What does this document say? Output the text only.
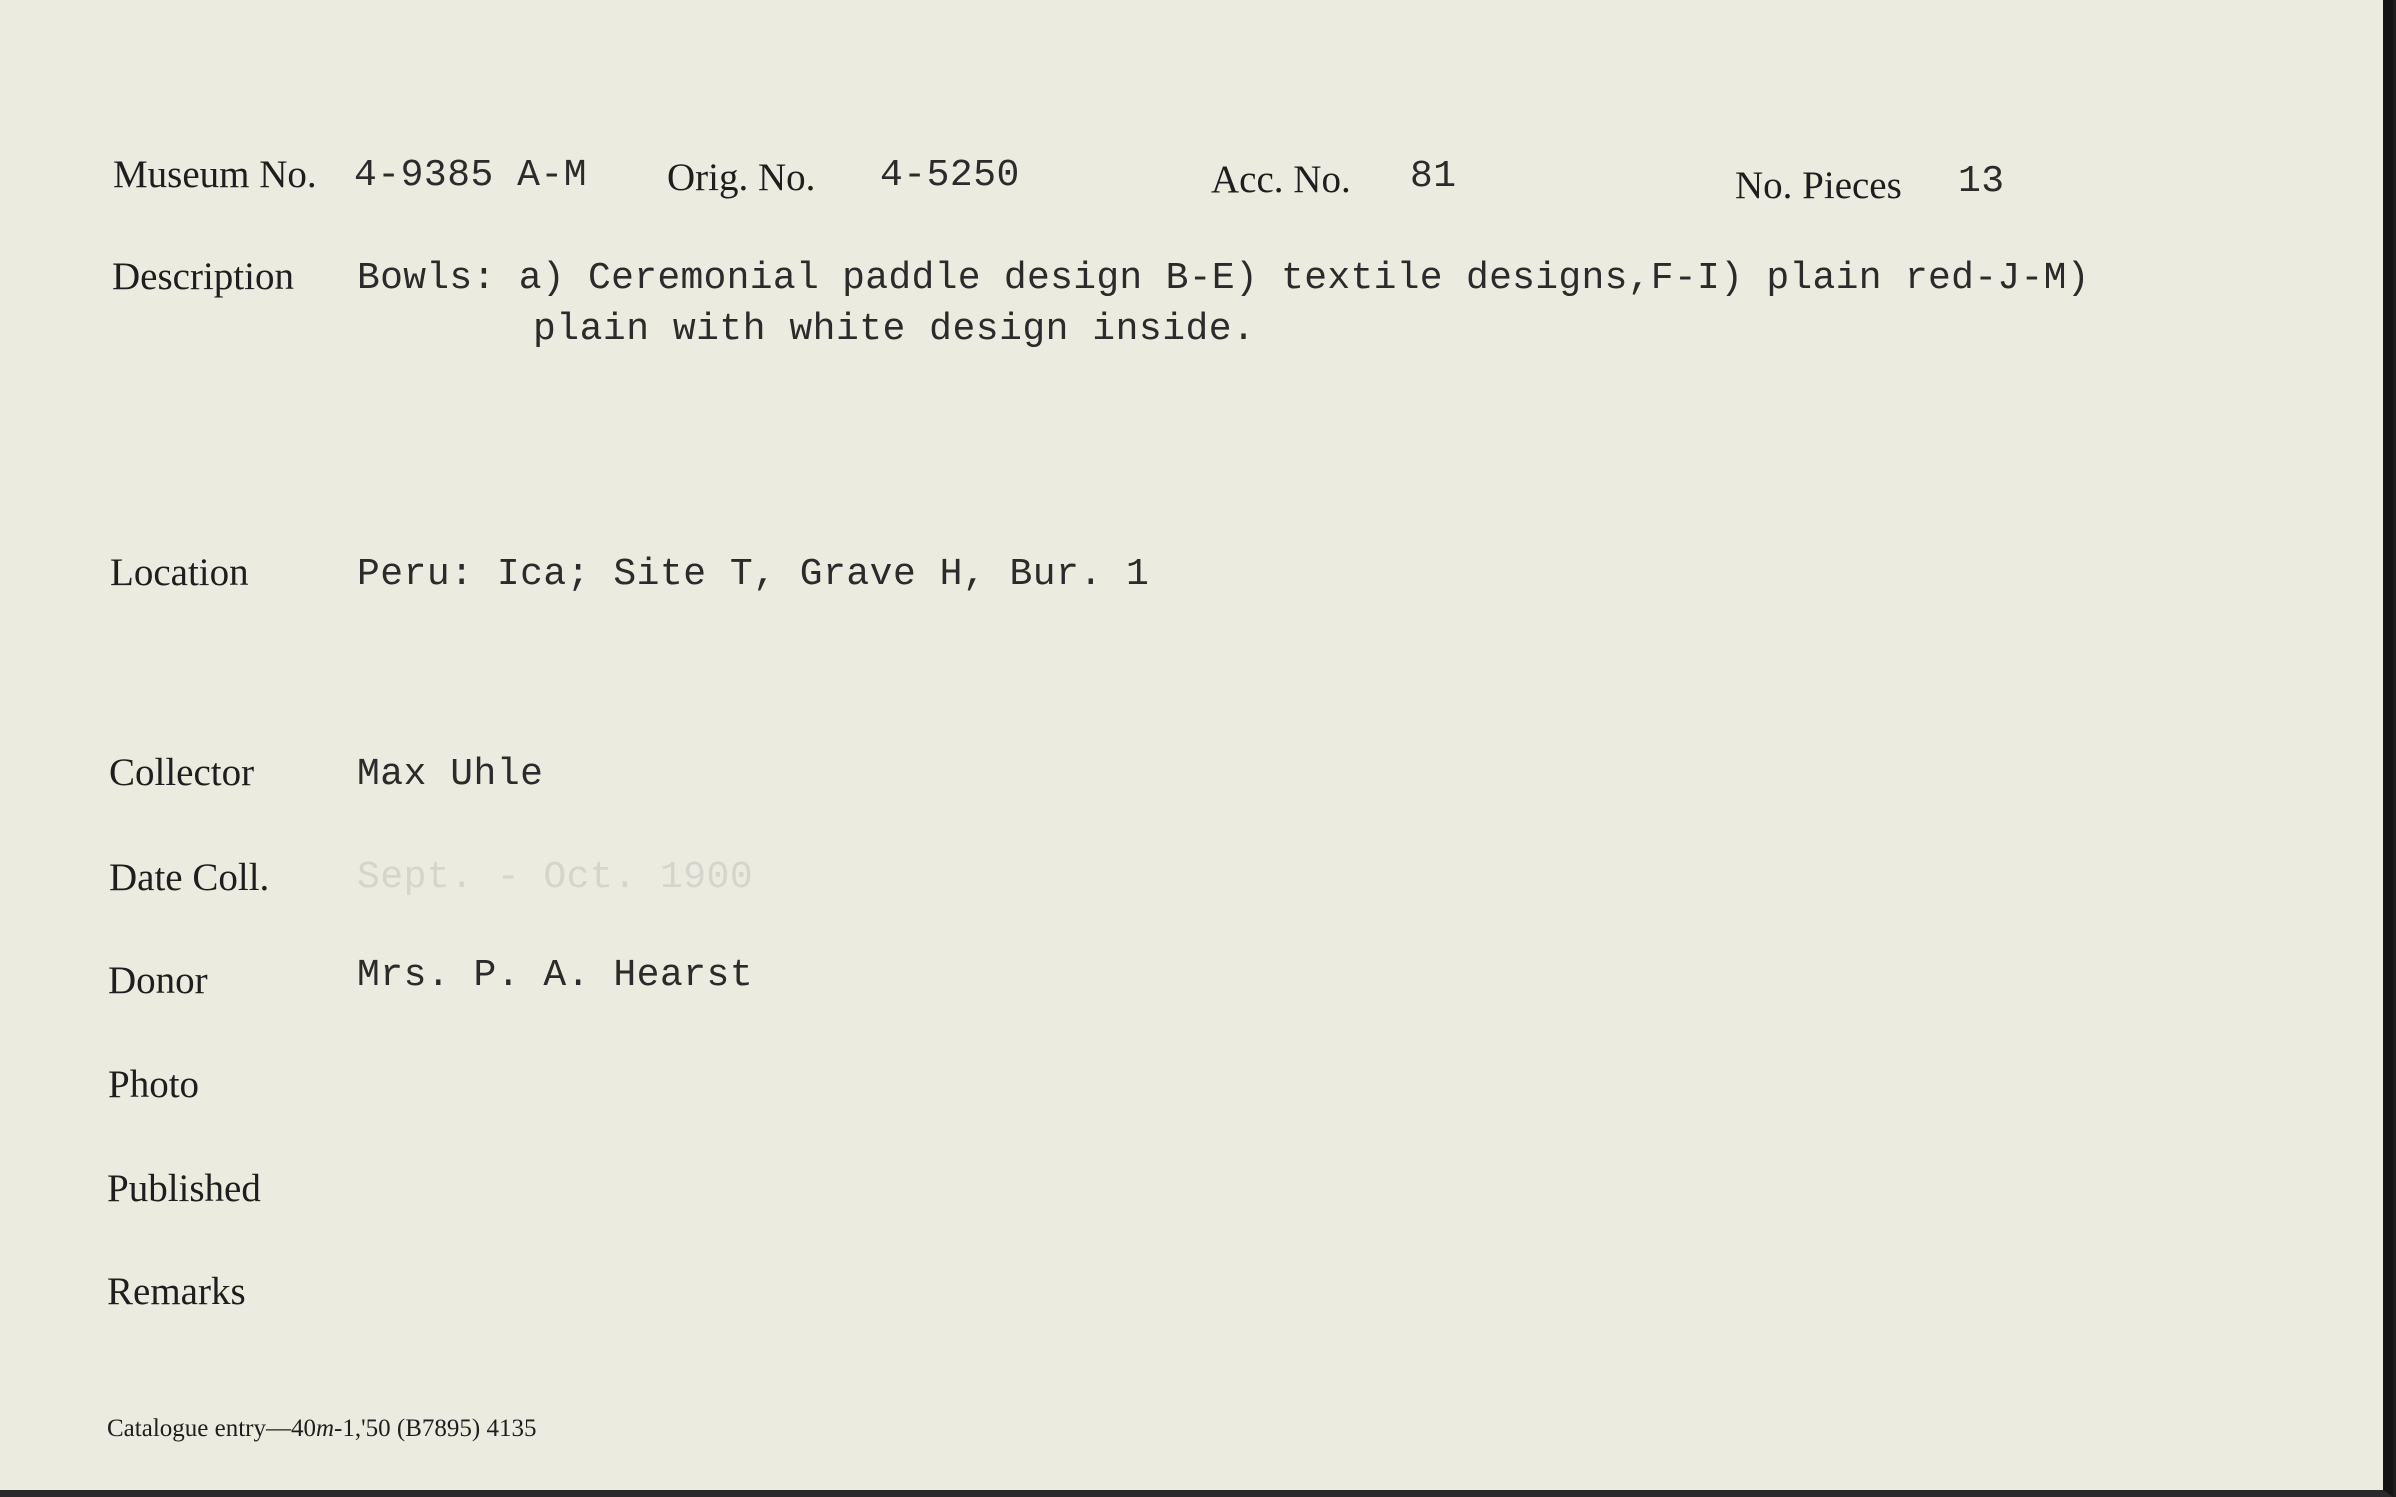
Museum No. 4-9385 A-M Orig. No. 4-5250	Acc. No. 81	No. Pieces 13
Description Bowls: a) Ceremonial paddle design B-E) textile designs,F-I) plain red-J-M)
plain with white design inside.
Location	Peru: Ica; Site T, Grave H, Bur. 1
Collector	Max Uhle
Date Coll. Sept. - Oct. 1900
Donor	Mrs. P. A. Hearst
Photo
Published
Remarks
Catalogue entry—40m-1,'50 (B7895) 4135
